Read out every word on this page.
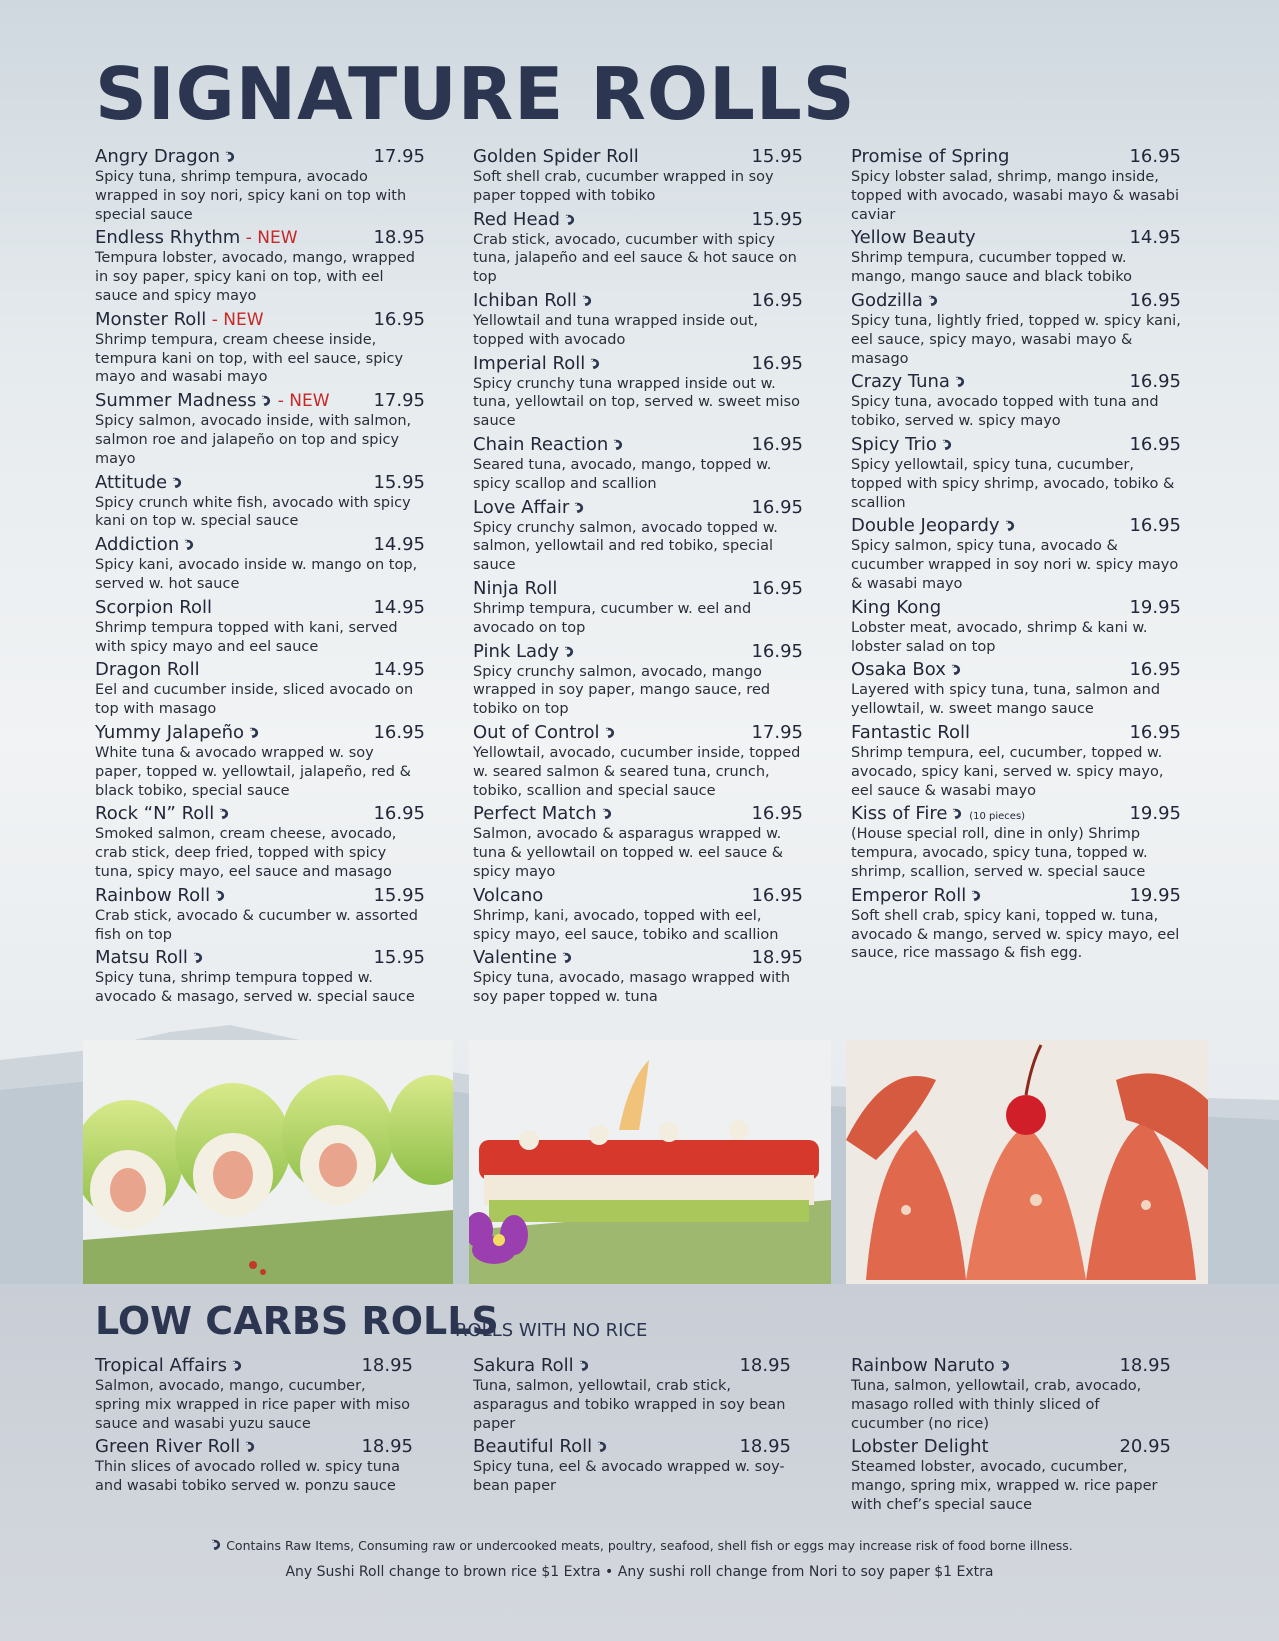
SIGNATURE ROLLS
Angry Dragon	17.95
Spicy tuna, shrimp tempura, avocado wrapped in soy nori, spicy kani on top with special sauce
Endless Rhythm - NEW	18.95
Tempura lobster, avocado, mango, wrapped in soy paper, spicy kani on top, with eel sauce and spicy mayo
Monster Roll - NEW	16.95
Shrimp tempura, cream cheese inside, tempura kani on top, with eel sauce, spicy mayo and wasabi mayo
Summer Madness - NEW 17.95
Spicy salmon, avocado inside, with salmon, salmon roe and jalapeño on top and spicy mayo
Attitude	15.95
Spicy crunch white fish, avocado with spicy kani on top w. special sauce
Addiction	14.95
Spicy kani, avocado inside w. mango on top, served w. hot sauce
Scorpion Roll	14.95
Shrimp tempura topped with kani, served with spicy mayo and eel sauce
Dragon Roll	14.95
Eel and cucumber inside, sliced avocado on top with masago
Yummy Jalapeño	16.95
White tuna & avocado wrapped w. soy paper, topped w. yellowtail, jalapeño, red & black tobiko, special sauce
Rock “N” Roll	16.95
Smoked salmon, cream cheese, avocado, crab stick, deep fried, topped with spicy tuna, spicy mayo, eel sauce and masago
Rainbow Roll	15.95
Crab stick, avocado & cucumber w. assorted fish on top
Matsu Roll	15.95
Spicy tuna, shrimp tempura topped w. avocado & masago, served w. special sauce
Golden Spider Roll	15.95
Soft shell crab, cucumber wrapped in soy paper topped with tobiko
Red Head	15.95
Crab stick, avocado, cucumber with spicy tuna, jalapeño and eel sauce & hot sauce on top
Ichiban Roll	16.95
Yellowtail and tuna wrapped inside out, topped with avocado
Imperial Roll	16.95
Spicy crunchy tuna wrapped inside out w. tuna, yellowtail on top, served w. sweet miso sauce
Chain Reaction	16.95
Seared tuna, avocado, mango, topped w. spicy scallop and scallion
Love Affair	16.95
Spicy crunchy salmon, avocado topped w. salmon, yellowtail and red tobiko, special sauce
Ninja Roll	16.95
Shrimp tempura, cucumber w. eel and avocado on top
Pink Lady	16.95
Spicy crunchy salmon, avocado, mango wrapped in soy paper, mango sauce, red tobiko on top
Out of Control	17.95
Yellowtail, avocado, cucumber inside, topped w. seared salmon & seared tuna, crunch, tobiko, scallion and special sauce
Perfect Match	16.95
Salmon, avocado & asparagus wrapped w. tuna & yellowtail on topped w. eel sauce & spicy mayo
Volcano	16.95
Shrimp, kani, avocado, topped with eel, spicy mayo, eel sauce, tobiko and scallion
Valentine	18.95
Spicy tuna, avocado, masago wrapped with soy paper topped w. tuna
Promise of Spring	16.95
Spicy lobster salad, shrimp, mango inside, topped with avocado, wasabi mayo & wasabi caviar
Yellow Beauty	14.95
Shrimp tempura, cucumber topped w. mango, mango sauce and black tobiko
Godzilla	16.95
Spicy tuna, lightly fried, topped w. spicy kani, eel sauce, spicy mayo, wasabi mayo & masago
Crazy Tuna	16.95
Spicy tuna, avocado topped with tuna and tobiko, served w. spicy mayo
Spicy Trio	16.95
Spicy yellowtail, spicy tuna, cucumber, topped with spicy shrimp, avocado, tobiko & scallion
Double Jeopardy	16.95
Spicy salmon, spicy tuna, avocado & cucumber wrapped in soy nori w. spicy mayo & wasabi mayo
King Kong	19.95
Lobster meat, avocado, shrimp & kani w. lobster salad on top
Osaka Box	16.95
Layered with spicy tuna, tuna, salmon and yellowtail, w. sweet mango sauce
Fantastic Roll	16.95
Shrimp tempura, eel, cucumber, topped w. avocado, spicy kani, served w. spicy mayo, eel sauce & wasabi mayo
Kiss of Fire (10 pieces)	19.95
(House special roll, dine in only) Shrimp tempura, avocado, spicy tuna, topped w. shrimp, scallion, served w. special sauce
Emperor Roll	19.95
Soft shell crab, spicy kani, topped w. tuna, avocado & mango, served w. spicy mayo, eel sauce, rice massago & fish egg.
LOW CARBS ROLLS
ROLLS WITH NO RICE
Tropical Affairs	18.95
Salmon, avocado, mango, cucumber, spring mix wrapped in rice paper with miso sauce and wasabi yuzu sauce
Green River Roll	18.95
Thin slices of avocado rolled w. spicy tuna and wasabi tobiko served w. ponzu sauce
Sakura Roll	18.95
Tuna, salmon, yellowtail, crab stick, asparagus and tobiko wrapped in soy bean paper
Beautiful Roll	18.95
Spicy tuna, eel & avocado wrapped w. soy-bean paper
Rainbow Naruto	18.95
Tuna, salmon, yellowtail, crab, avocado, masago rolled with thinly sliced of cucumber (no rice)
Lobster Delight	20.95
Steamed lobster, avocado, cucumber, mango, spring mix, wrapped w. rice paper with chef’s special sauce
Contains Raw Items, Consuming raw or undercooked meats, poultry, seafood, shell fish or eggs may increase risk of food borne illness.
Any Sushi Roll change to brown rice $1 Extra • Any sushi roll change from Nori to soy paper $1 Extra
